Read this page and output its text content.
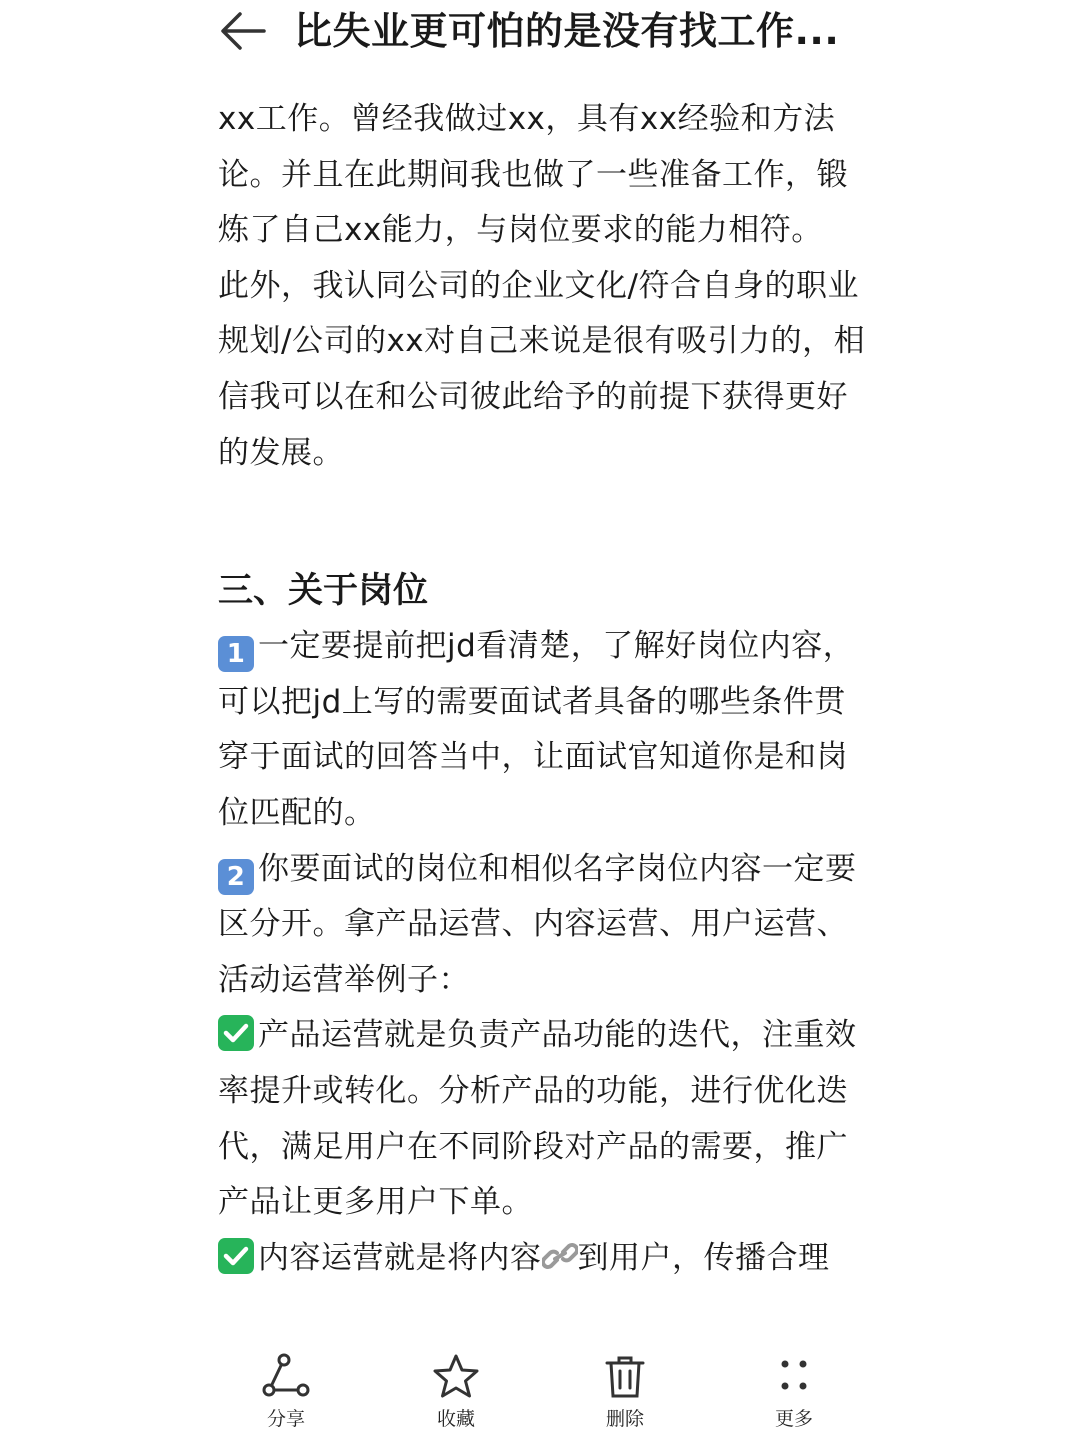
比失业更可怕的是没有找工作...

xx工作。曾经我做过xx，具有xx经验和方法论。并且在此期间我也做了一些准备工作，锻炼了自己xx能力，与岗位要求的能力相符。

此外，我认同公司的企业文化/符合自身的职业规划/公司的xx对自己来说是很有吸引力的，相信我可以在和公司彼此给予的前提下获得更好的发展。

三、关于岗位

1 一定要提前把jd看清楚，了解好岗位内容，可以把jd上写的需要面试者具备的哪些条件贯穿于面试的回答当中，让面试官知道你是和岗位匹配的。

2 你要面试的岗位和相似名字岗位内容一定要区分开。拿产品运营、内容运营、用户运营、活动运营举例子：

产品运营就是负责产品功能的迭代，注重效率提升或转化。分析产品的功能，进行优化迭代，满足用户在不同阶段对产品的需要，推广产品让更多用户下单。

内容运营就是将内容 到用户，传播合理

分享	收藏	删除	更多
